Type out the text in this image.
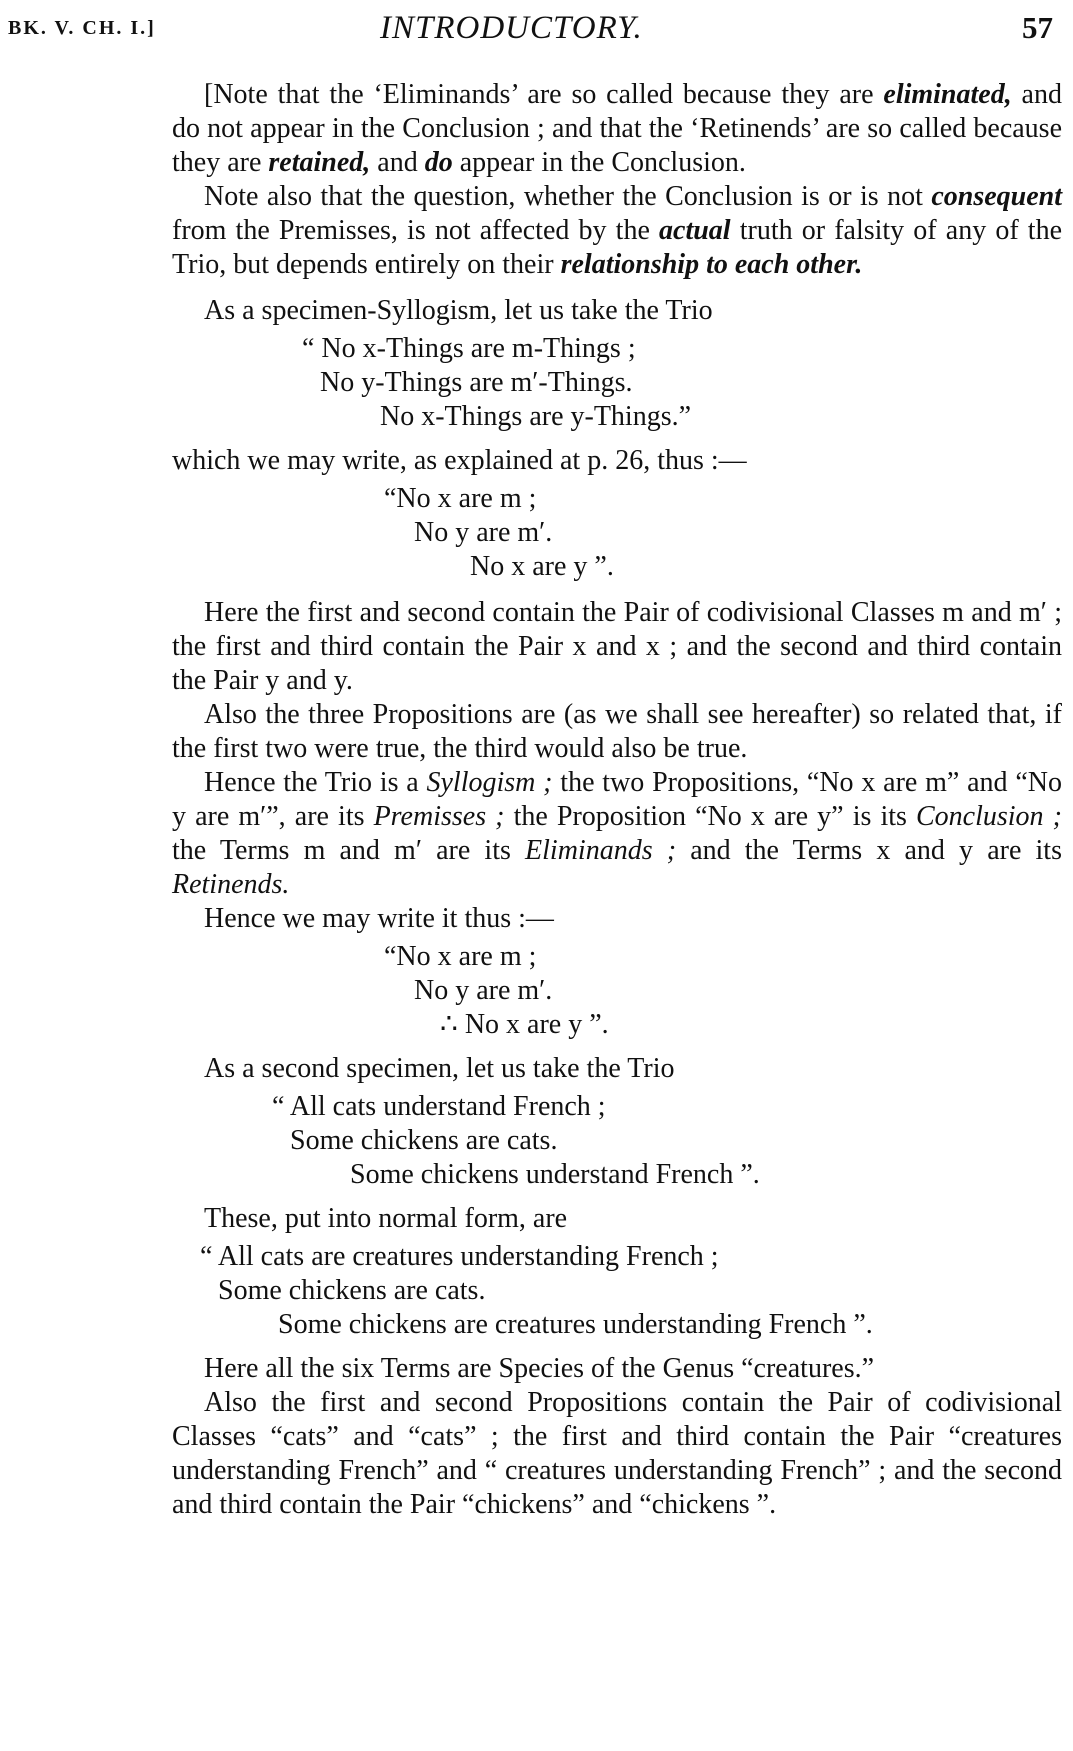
BK. V. CH. I.]	INTRODUCTORY.	57

[Note that the ‘Eliminands’ are so called because they are eliminated, and do not appear in the Conclusion ; and that the ‘Retinends’ are so called because they are retained, and do appear in the Conclusion.

Note also that the question, whether the Conclusion is or is not consequent from the Premisses, is not affected by the actual truth or falsity of any of the Trio, but depends entirely on their relationship to each other.

As a specimen-Syllogism, let us take the Trio

“ No x-Things are m-Things ;
No y-Things are m′-Things.
No x-Things are y-Things.”

which we may write, as explained at p. 26, thus :—

“No x are m ;
No y are m′.
No x are y ”.

Here the first and second contain the Pair of codivisional Classes m and m′ ; the first and third contain the Pair x and x ; and the second and third contain the Pair y and y.

Also the three Propositions are (as we shall see hereafter) so related that, if the first two were true, the third would also be true.

Hence the Trio is a Syllogism ; the two Propositions, “No x are m” and “No y are m′”, are its Premisses ; the Proposition “No x are y” is its Conclusion ; the Terms m and m′ are its Eliminands ; and the Terms x and y are its Retinends.

Hence we may write it thus :—

“No x are m ;
No y are m′.
∴ No x are y ”.

As a second specimen, let us take the Trio

“ All cats understand French ;
Some chickens are cats.
Some chickens understand French ”.

These, put into normal form, are

“ All cats are creatures understanding French ;
Some chickens are cats.
Some chickens are creatures understanding French ”.

Here all the six Terms are Species of the Genus “creatures.”

Also the first and second Propositions contain the Pair of codivisional Classes “cats” and “cats” ; the first and third contain the Pair “creatures understanding French” and “ creatures understanding French” ; and the second and third contain the Pair “chickens” and “chickens ”.
